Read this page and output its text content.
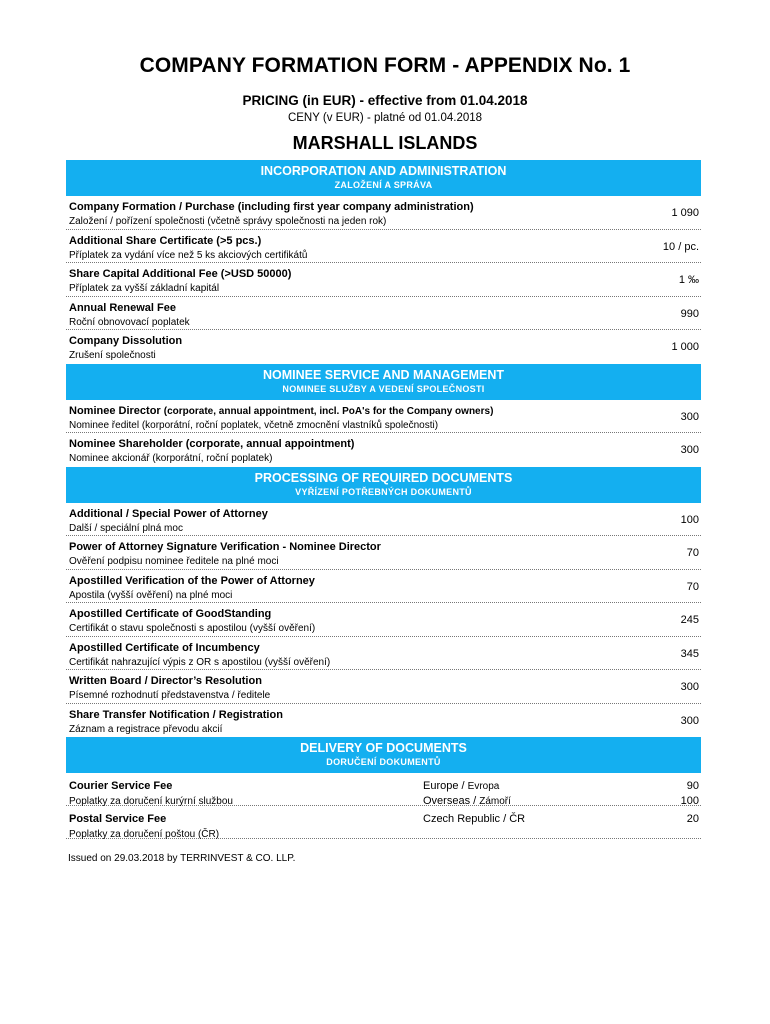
COMPANY FORMATION FORM - APPENDIX No. 1
PRICING (in EUR) - effective from 01.04.2018
CENY (v EUR) - platné od 01.04.2018
MARSHALL ISLANDS
INCORPORATION AND ADMINISTRATION
ZALOŽENÍ A SPRÁVA
Company Formation / Purchase (including first year company administration)
Založení / pořízení společnosti (včetně správy společnosti na jeden rok)
1 090
Additional Share Certificate (>5 pcs.)
Příplatek za vydání více než 5 ks akciových certifikátů
10 / pc.
Share Capital Additional Fee (>USD 50000)
Příplatek za vyšší základní kapitál
1 ‰
Annual Renewal Fee
Roční obnovovací poplatek
990
Company Dissolution
Zrušení společnosti
1 000
NOMINEE SERVICE AND MANAGEMENT
NOMINEE SLUŽBY A VEDENÍ SPOLEČNOSTI
Nominee Director (corporate, annual appointment, incl. PoA's for the Company owners)
Nominee ředitel (korporátní, roční poplatek, včetně zmocnění vlastníků společnosti)
300
Nominee Shareholder (corporate, annual appointment)
Nominee akcionář (korporátní, roční poplatek)
300
PROCESSING OF REQUIRED DOCUMENTS
VYŘÍZENÍ POTŘEBNÝCH DOKUMENTŮ
Additional / Special Power of Attorney
Další / speciální plná moc
100
Power of Attorney Signature Verification - Nominee Director
Ověření podpisu nominee ředitele na plné moci
70
Apostilled Verification of the Power of Attorney
Apostila (vyšší ověření) na plné moci
70
Apostilled Certificate of GoodStanding
Certifikát o stavu společnosti s apostilou (vyšší ověření)
245
Apostilled Certificate of Incumbency
Certifikát nahrazující výpis z OR s apostilou (vyšší ověření)
345
Written Board / Director’s Resolution
Písemné rozhodnutí představenstva / ředitele
300
Share Transfer Notification / Registration
Záznam a registrace převodu akcií
300
DELIVERY OF DOCUMENTS
DORUČENÍ DOKUMENTŮ
Courier Service Fee
Poplatky za doručení kurýrní službou
Europe / Evropa	90
Overseas / Zámoří	100
Postal Service Fee
Poplatky za doručení poštou (ČR)
Czech Republic / ČR	20
Issued on 29.03.2018 by TERRINVEST & CO. LLP.
